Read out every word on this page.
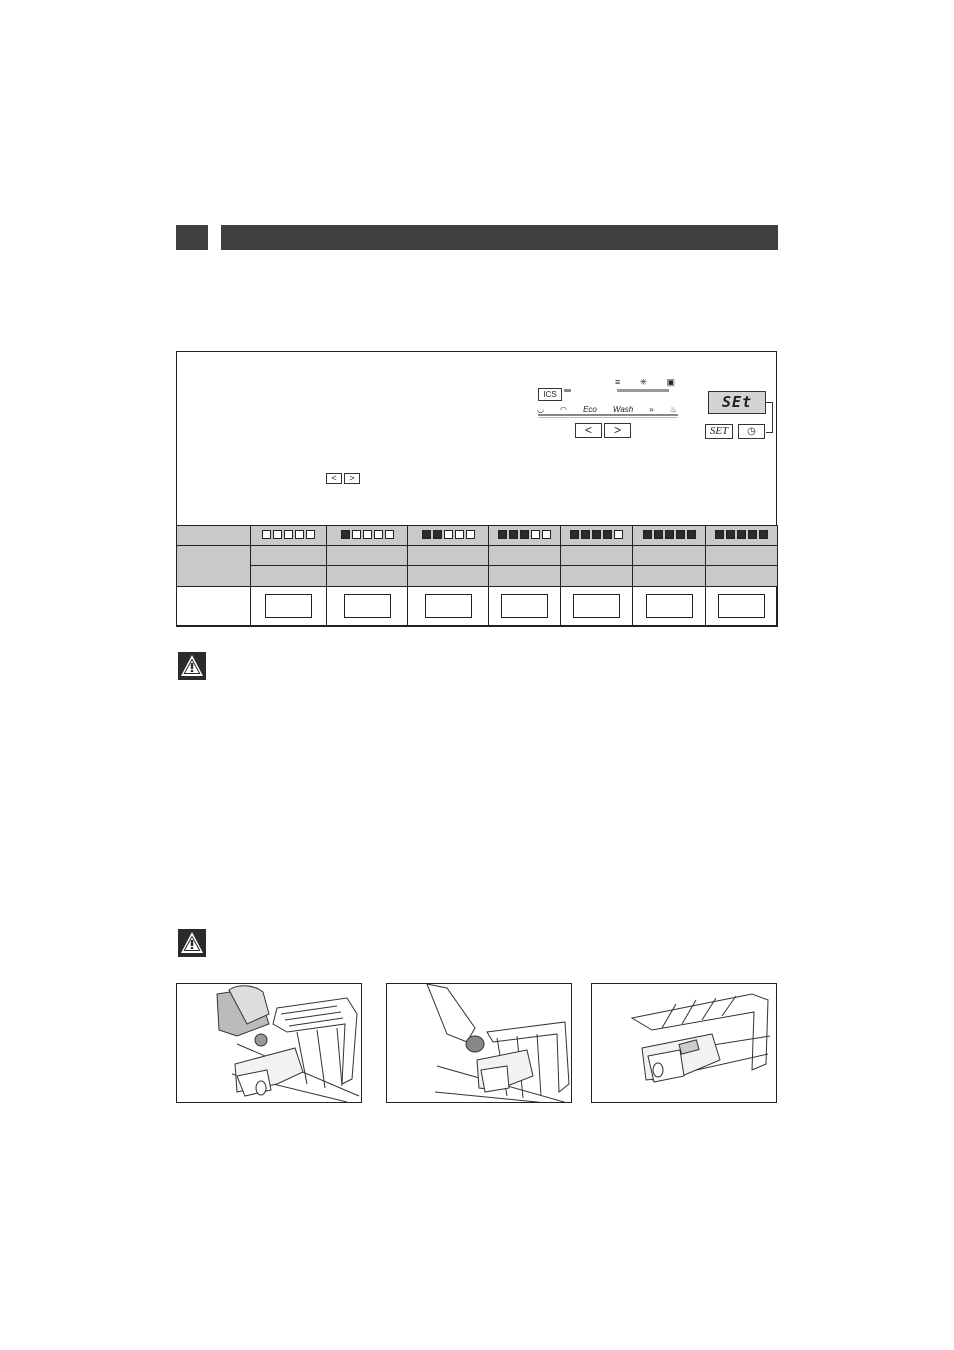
ICS
≡ ✳ ▣
◡ ◠ Eco Wash » ♨
<	>
SEt
SET	◷
<	>
